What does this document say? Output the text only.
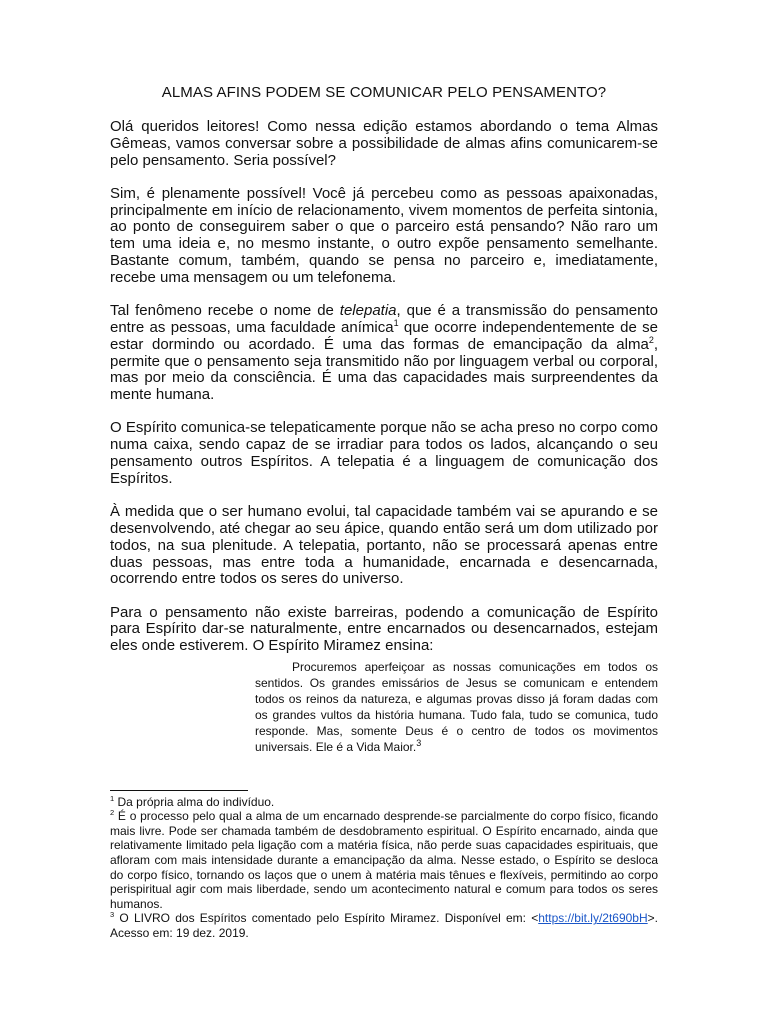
ALMAS AFINS PODEM SE COMUNICAR PELO PENSAMENTO?

Olá queridos leitores! Como nessa edição estamos abordando o tema Almas Gêmeas, vamos conversar sobre a possibilidade de almas afins comunicarem-se pelo pensamento. Seria possível?

Sim, é plenamente possível! Você já percebeu como as pessoas apaixonadas, principalmente em início de relacionamento, vivem momentos de perfeita sintonia, ao ponto de conseguirem saber o que o parceiro está pensando? Não raro um tem uma ideia e, no mesmo instante, o outro expõe pensamento semelhante. Bastante comum, também, quando se pensa no parceiro e, imediatamente, recebe uma mensagem ou um telefonema.

Tal fenômeno recebe o nome de telepatia, que é a transmissão do pensamento entre as pessoas, uma faculdade anímica$^1$ que ocorre independentemente de se estar dormindo ou acordado. É uma das formas de emancipação da alma$^2$, permite que o pensamento seja transmitido não por linguagem verbal ou corporal, mas por meio da consciência. É uma das capacidades mais surpreendentes da mente humana.

O Espírito comunica-se telepaticamente porque não se acha preso no corpo como numa caixa, sendo capaz de se irradiar para todos os lados, alcançando o seu pensamento outros Espíritos. A telepatia é a linguagem de comunicação dos Espíritos.

À medida que o ser humano evolui, tal capacidade também vai se apurando e se desenvolvendo, até chegar ao seu ápice, quando então será um dom utilizado por todos, na sua plenitude. A telepatia, portanto, não se processará apenas entre duas pessoas, mas entre toda a humanidade, encarnada e desencarnada, ocorrendo entre todos os seres do universo.

Para o pensamento não existe barreiras, podendo a comunicação de Espírito para Espírito dar-se naturalmente, entre encarnados ou desencarnados, estejam eles onde estiverem. O Espírito Miramez ensina:

Procuremos aperfeiçoar as nossas comunicações em todos os sentidos. Os grandes emissários de Jesus se comunicam e entendem todos os reinos da natureza, e algumas provas disso já foram dadas com os grandes vultos da história humana. Tudo fala, tudo se comunica, tudo responde. Mas, somente Deus é o centro de todos os movimentos universais. Ele é a Vida Maior.$^3$

$^1$ Da própria alma do indivíduo.

$^2$ É o processo pelo qual a alma de um encarnado desprende-se parcialmente do corpo físico, ficando mais livre. Pode ser chamada também de desdobramento espiritual. O Espírito encarnado, ainda que relativamente limitado pela ligação com a matéria física, não perde suas capacidades espirituais, que afloram com mais intensidade durante a emancipação da alma. Nesse estado, o Espírito se desloca do corpo físico, tornando os laços que o unem à matéria mais tênues e flexíveis, permitindo ao corpo perispiritual agir com mais liberdade, sendo um acontecimento natural e comum para todos os seres humanos.

$^3$ O LIVRO dos Espíritos comentado pelo Espírito Miramez. Disponível em: <https://bit.ly/2t690bH>. Acesso em: 19 dez. 2019.
